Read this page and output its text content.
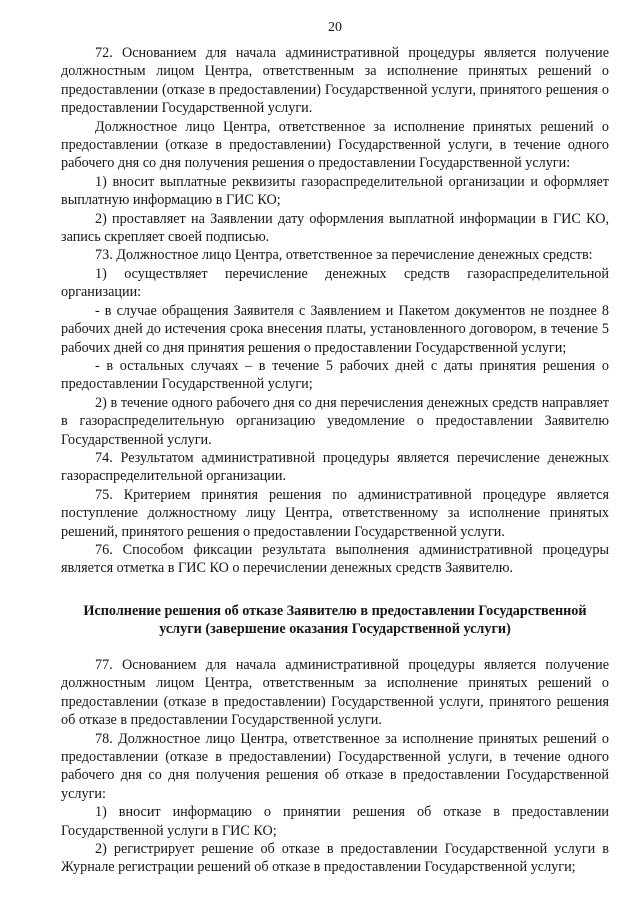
20

72. Основанием для начала административной процедуры является получение должностным лицом Центра, ответственным за исполнение принятых решений о предоставлении (отказе в предоставлении) Государственной услуги, принятого решения о предоставлении Государственной услуги.

Должностное лицо Центра, ответственное за исполнение принятых решений о предоставлении (отказе в предоставлении) Государственной услуги, в течение одного рабочего дня со дня получения решения о предоставлении Государственной услуги:

1) вносит выплатные реквизиты газораспределительной организации и оформляет выплатную информацию в ГИС КО;

2) проставляет на Заявлении дату оформления выплатной информации в ГИС КО, запись скрепляет своей подписью.

73. Должностное лицо Центра, ответственное за перечисление денежных средств:

1) осуществляет перечисление денежных средств газораспределительной организации:

- в случае обращения Заявителя с Заявлением и Пакетом документов не позднее 8 рабочих дней до истечения срока внесения платы, установленного договором, в течение 5 рабочих дней со дня принятия решения о предоставлении Государственной услуги;

- в остальных случаях – в течение 5 рабочих дней с даты принятия решения о предоставлении Государственной услуги;

2) в течение одного рабочего дня со дня перечисления денежных средств направляет в газораспределительную организацию уведомление о предоставлении Заявителю Государственной услуги.

74. Результатом административной процедуры является перечисление денежных газораспределительной организации.

75. Критерием принятия решения по административной процедуре является поступление должностному лицу Центра, ответственному за исполнение принятых решений, принятого решения о предоставлении Государственной услуги.

76. Способом фиксации результата выполнения административной процедуры является отметка в ГИС КО о перечислении денежных средств Заявителю.

Исполнение решения об отказе Заявителю в предоставлении Государственной
услуги (завершение оказания Государственной услуги)

77. Основанием для начала административной процедуры является получение должностным лицом Центра, ответственным за исполнение принятых решений о предоставлении (отказе в предоставлении) Государственной услуги, принятого решения об отказе в предоставлении Государственной услуги.

78. Должностное лицо Центра, ответственное за исполнение принятых решений о предоставлении (отказе в предоставлении) Государственной услуги, в течение одного рабочего дня со дня получения решения об отказе в предоставлении Государственной услуги:

1) вносит информацию о принятии решения об отказе в предоставлении Государственной услуги в ГИС КО;

2) регистрирует решение об отказе в предоставлении Государственной услуги в Журнале регистрации решений об отказе в предоставлении Государственной услуги;
